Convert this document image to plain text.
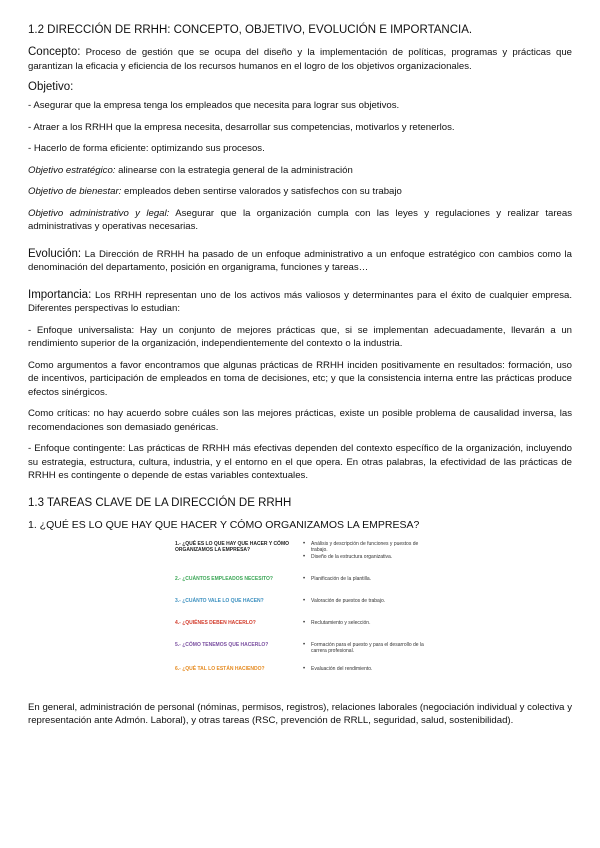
1.2 DIRECCIÓN DE RRHH: CONCEPTO, OBJETIVO, EVOLUCIÓN E IMPORTANCIA.

Concepto: Proceso de gestión que se ocupa del diseño y la implementación de políticas, programas y prácticas que garantizan la eficacia y eficiencia de los recursos humanos en el logro de los objetivos organizacionales.

Objetivo:

- Asegurar que la empresa tenga los empleados que necesita para lograr sus objetivos.

- Atraer a los RRHH que la empresa necesita, desarrollar sus competencias, motivarlos y retenerlos.

- Hacerlo de forma eficiente: optimizando sus procesos.

Objetivo estratégico: alinearse con la estrategia general de la administración

Objetivo de bienestar: empleados deben sentirse valorados y satisfechos con su trabajo

Objetivo administrativo y legal: Asegurar que la organización cumpla con las leyes y regulaciones y realizar tareas administrativas y operativas necesarias.

Evolución: La Dirección de RRHH ha pasado de un enfoque administrativo a un enfoque estratégico con cambios como la denominación del departamento, posición en organigrama, funciones y tareas…

Importancia: Los RRHH representan uno de los activos más valiosos y determinantes para el éxito de cualquier empresa. Diferentes perspectivas lo estudian:

- Enfoque universalista: Hay un conjunto de mejores prácticas que, si se implementan adecuadamente, llevarán a un rendimiento superior de la organización, independientemente del contexto o la industria.

Como argumentos a favor encontramos que algunas prácticas de RRHH inciden positivamente en resultados: formación, uso de incentivos, participación de empleados en toma de decisiones, etc; y que la consistencia interna entre las prácticas produce efectos sinérgicos.

Como críticas: no hay acuerdo sobre cuáles son las mejores prácticas, existe un posible problema de causalidad inversa, las recomendaciones son demasiado genéricas.

- Enfoque contingente: Las prácticas de RRHH más efectivas dependen del contexto específico de la organización, incluyendo su estrategia, estructura, cultura, industria, y el entorno en el que opera. En otras palabras, la efectividad de las prácticas de RRHH es contingente o depende de estas variables contextuales.

1.3 TAREAS CLAVE DE LA DIRECCIÓN DE RRHH
1. ¿QUÉ ES LO QUE HAY QUE HACER Y CÓMO ORGANIZAMOS LA EMPRESA?
1.- ¿QUÉ ES LO QUE HAY QUE HACER Y CÓMO ORGANIZAMOS LA EMPRESA?
• Análisis y descripción de funciones y puestos de trabajo.
• Diseño de la estructura organizativa.
2.- ¿CUÁNTOS EMPLEADOS NECESITO?	• Planificación de la plantilla.
3.- ¿CUÁNTO VALE LO QUE HACEN?	• Valoración de puestos de trabajo.
4.- ¿QUIÉNES DEBEN HACERLO?	• Reclutamiento y selección.
5.- ¿CÓMO TENEMOS QUE HACERLO?	• Formación para el puesto y para el desarrollo de la carrera profesional.
6.- ¿QUÉ TAL LO ESTÁN HACIENDO?	• Evaluación del rendimiento.

En general, administración de personal (nóminas, permisos, registros), relaciones laborales (negociación individual y colectiva y representación ante Admón. Laboral), y otras tareas (RSC, prevención de RRLL, seguridad, salud, sostenibilidad).
